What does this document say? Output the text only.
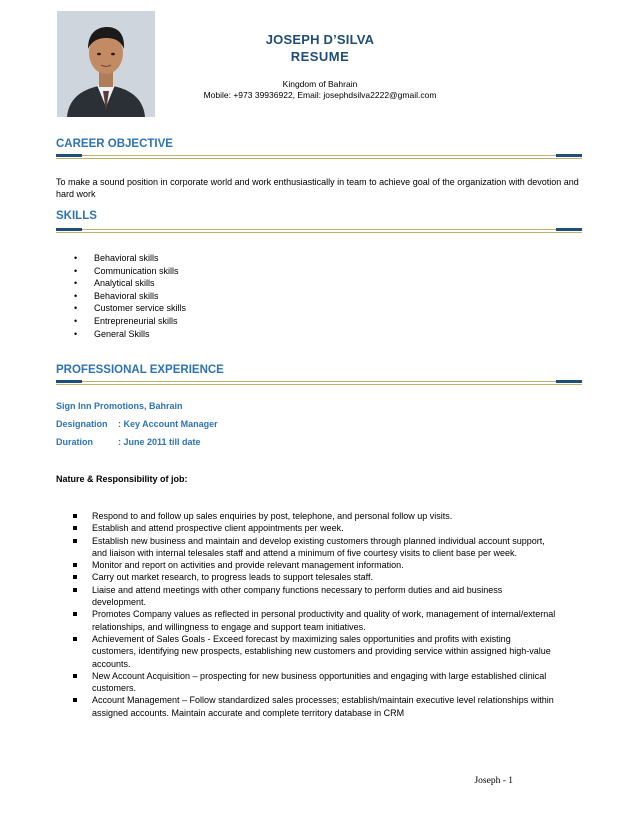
JOSEPH D’SILVA
RESUME
Kingdom of Bahrain
Mobile: +973 39936922, Email: josephdsilva2222@gmail.com
CAREER OBJECTIVE
To make a sound position in corporate world and work enthusiastically in team to achieve goal of the organization with devotion and hard work
SKILLS
• Behavioral skills
• Communication skills
• Analytical skills
• Behavioral skills
• Customer service skills
• Entrepreneurial skills
• General Skills
PROFESSIONAL EXPERIENCE
Sign Inn Promotions, Bahrain
Designation : Key Account Manager
Duration	: June 2011 till date
Nature & Responsibility of job:
Respond to and follow up sales enquiries by post, telephone, and personal follow up visits.
Establish and attend prospective client appointments per week.
Establish new business and maintain and develop existing customers through planned individual account support, and liaison with internal telesales staff and attend a minimum of five courtesy visits to client base per week.
Monitor and report on activities and provide relevant management information.
Carry out market research, to progress leads to support telesales staff.
Liaise and attend meetings with other company functions necessary to perform duties and aid business development.
Promotes Company values as reflected in personal productivity and quality of work, management of internal/external relationships, and willingness to engage and support team initiatives.
Achievement of Sales Goals - Exceed forecast by maximizing sales opportunities and profits with existing customers, identifying new prospects, establishing new customers and providing service within assigned high-value accounts.
New Account Acquisition – prospecting for new business opportunities and engaging with large established clinical customers.
Account Management – Follow standardized sales processes; establish/maintain executive level relationships within assigned accounts. Maintain accurate and complete territory database in CRM
Joseph - 1
